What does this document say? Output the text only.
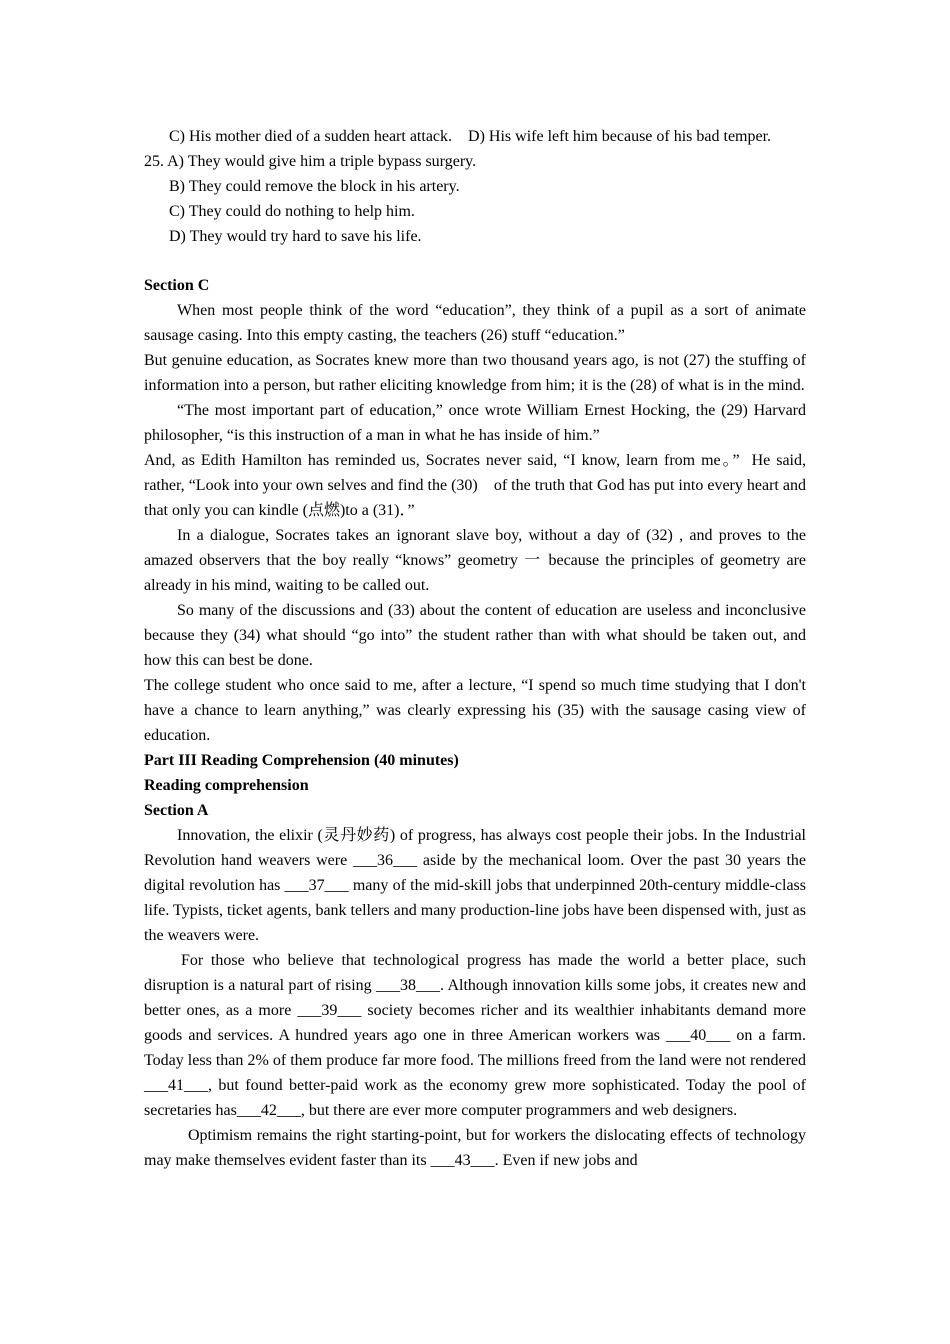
C) His mother died of a sudden heart attack.    D) His wife left him because of his bad temper.
25. A) They would give him a triple bypass surgery.
B) They could remove the block in his artery.
C) They could do nothing to help him.
D) They would try hard to save his life.
Section C
When most people think of the word “education”, they think of a pupil as a sort of animate sausage casing. Into this empty casting, the teachers (26) stuff “education.”
But genuine education, as Socrates knew more than two thousand years ago, is not (27) the stuffing of information into a person, but rather eliciting knowledge from him; it is the (28) of what is in the mind.
“The most important part of education,” once wrote William Ernest Hocking, the (29) Harvard philosopher, “is this instruction of a man in what he has inside of him.”
And, as Edith Hamilton has reminded us, Socrates never said, “I know, learn from me。”  He said, rather, “Look into your own selves and find the (30)    of the truth that God has put into every heart and that only you can kindle (点燃)to a (31)．”
In a dialogue, Socrates takes an ignorant slave boy, without a day of (32) , and proves to the amazed observers that the boy really “knows” geometry 一 because the principles of geometry are already in his mind, waiting to be called out.
So many of the discussions and (33) about the content of education are useless and inconclusive because they (34) what should “go into” the student rather than with what should be taken out, and how this can best be done.
The college student who once said to me, after a lecture, “I spend so much time studying that I don't have a chance to learn anything,” was clearly expressing his (35) with the sausage casing view of education.
Part III Reading Comprehension (40 minutes)
Reading comprehension
Section A
Innovation, the elixir (灵丹妙药) of progress, has always cost people their jobs. In the Industrial Revolution hand weavers were ___36___ aside by the mechanical loom. Over the past 30 years the digital revolution has ___37___ many of the mid-skill jobs that underpinned 20th-century middle-class life. Typists, ticket agents, bank tellers and many production-line jobs have been dispensed with, just as the weavers were.
For those who believe that technological progress has made the world a better place, such disruption is a natural part of rising ___38___. Although innovation kills some jobs, it creates new and better ones, as a more ___39___ society becomes richer and its wealthier inhabitants demand more goods and services. A hundred years ago one in three American workers was ___40___ on a farm. Today less than 2% of them produce far more food. The millions freed from the land were not rendered ___41___, but found better-paid work as the economy grew more sophisticated. Today the pool of secretaries has___42___, but there are ever more computer programmers and web designers.
Optimism remains the right starting-point, but for workers the dislocating effects of technology may make themselves evident faster than its ___43___. Even if new jobs and
